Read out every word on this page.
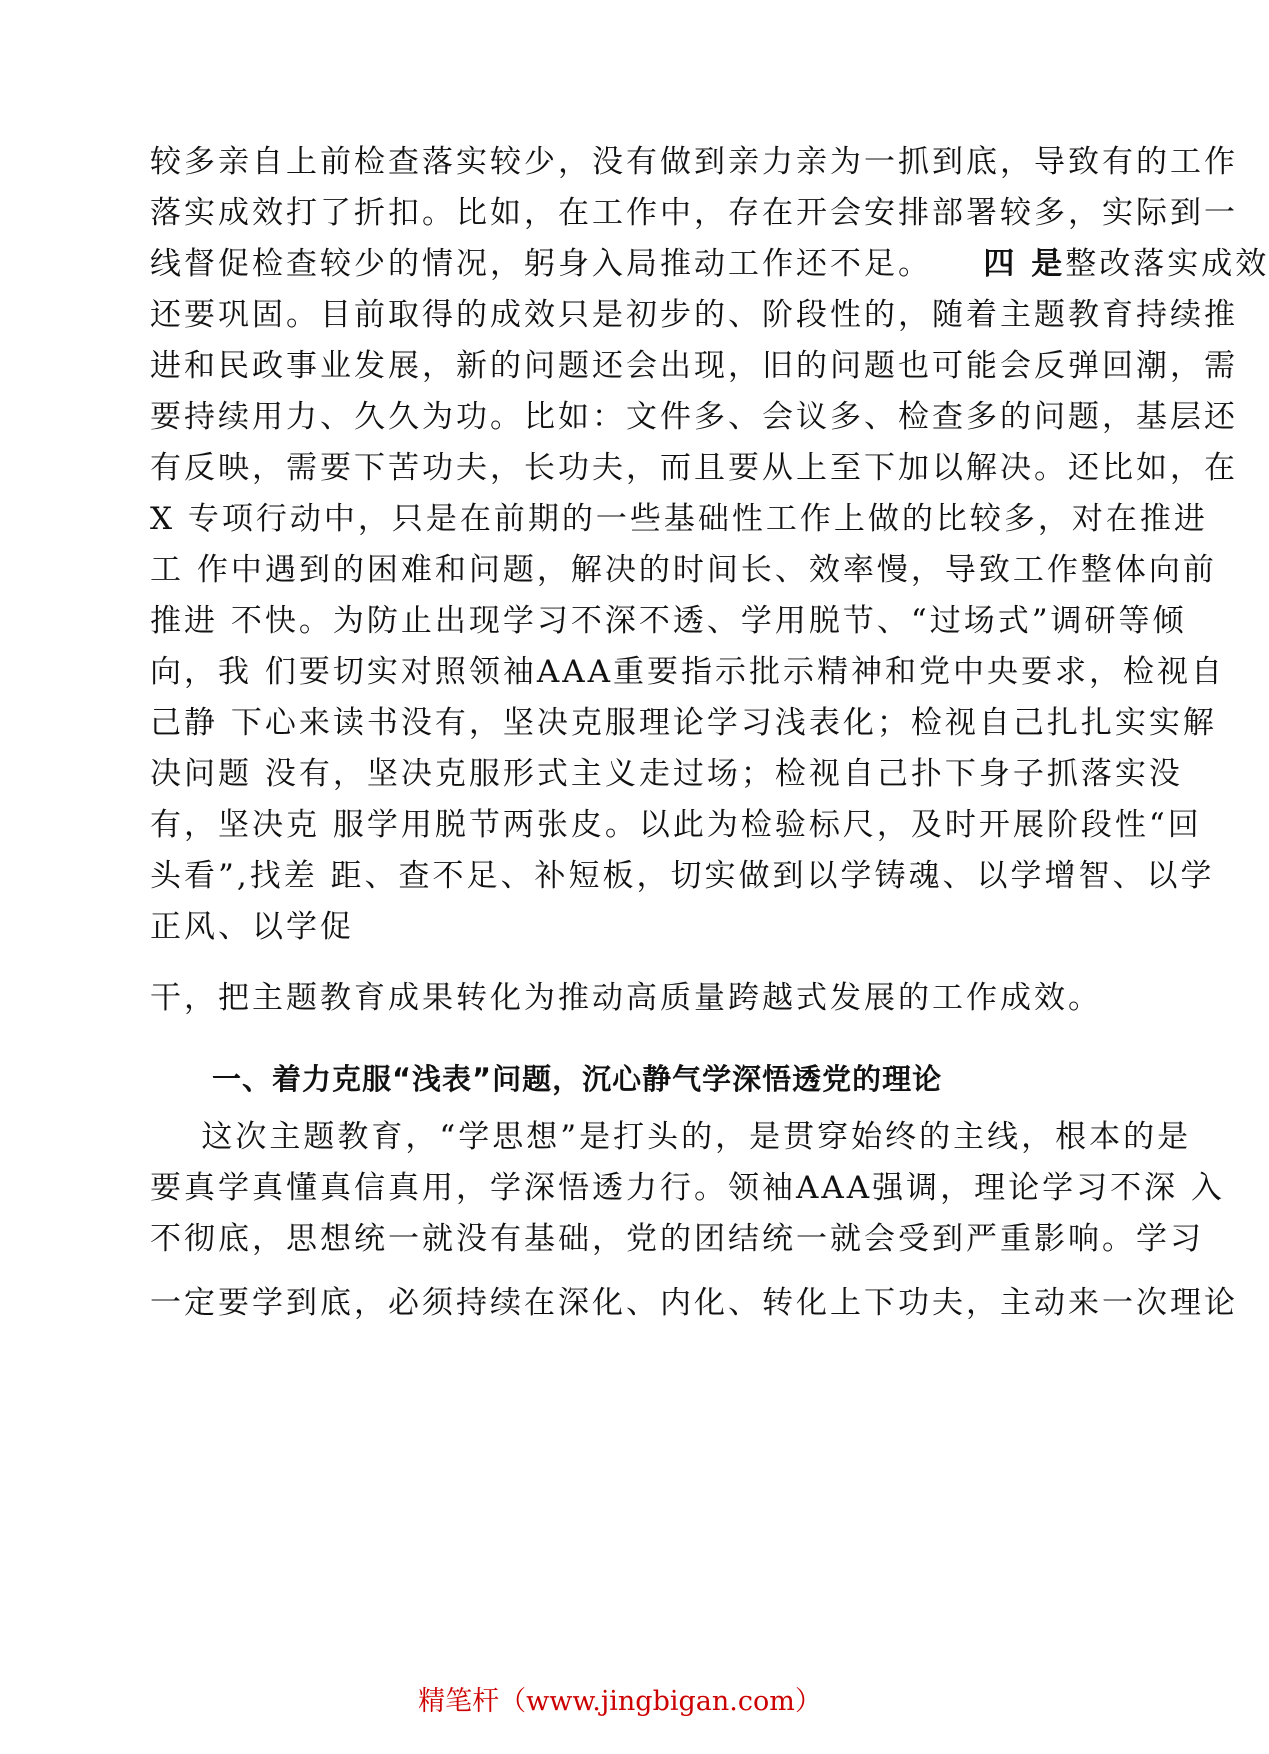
较多亲自上前检查落实较少，没有做到亲力亲为一抓到底，导致有的工作
落实成效打了折扣。比如，在工作中，存在开会安排部署较多，实际到一
线督促检查较少的情况，躬身入局推动工作还不足。 四 是整改落实成效
还要巩固。目前取得的成效只是初步的、阶段性的，随着主题教育持续推
进和民政事业发展，新的问题还会出现，旧的问题也可能会反弹回潮，需
要持续用力、久久为功。比如：文件多、会议多、检查多的问题，基层还
有反映，需要下苦功夫，长功夫，而且要从上至下加以解决。还比如，在
X 专项行动中，只是在前期的一些基础性工作上做的比较多，对在推进
工 作中遇到的困难和问题，解决的时间长、效率慢，导致工作整体向前
推进 不快。为防止出现学习不深不透、学用脱节、“过场式”调研等倾
向，我 们要切实对照领袖AAA重要指示批示精神和党中央要求，检视自
己静 下心来读书没有，坚决克服理论学习浅表化；检视自己扎扎实实解
决问题 没有，坚决克服形式主义走过场；检视自己扑下身子抓落实没
有，坚决克 服学用脱节两张皮。以此为检验标尺，及时开展阶段性“回
头看”,找差 距、查不足、补短板，切实做到以学铸魂、以学增智、以学
正风、以学促
干，把主题教育成果转化为推动高质量跨越式发展的工作成效。
一、着力克服“浅表”问题，沉心静气学深悟透党的理论
这次主题教育，“学思想”是打头的，是贯穿始终的主线，根本的是
要真学真懂真信真用，学深悟透力行。领袖AAA强调，理论学习不深 入
不彻底，思想统一就没有基础，党的团结统一就会受到严重影响。学习
一定要学到底，必须持续在深化、内化、转化上下功夫，主动来一次理论
精笔杆（www.jingbigan.com）
